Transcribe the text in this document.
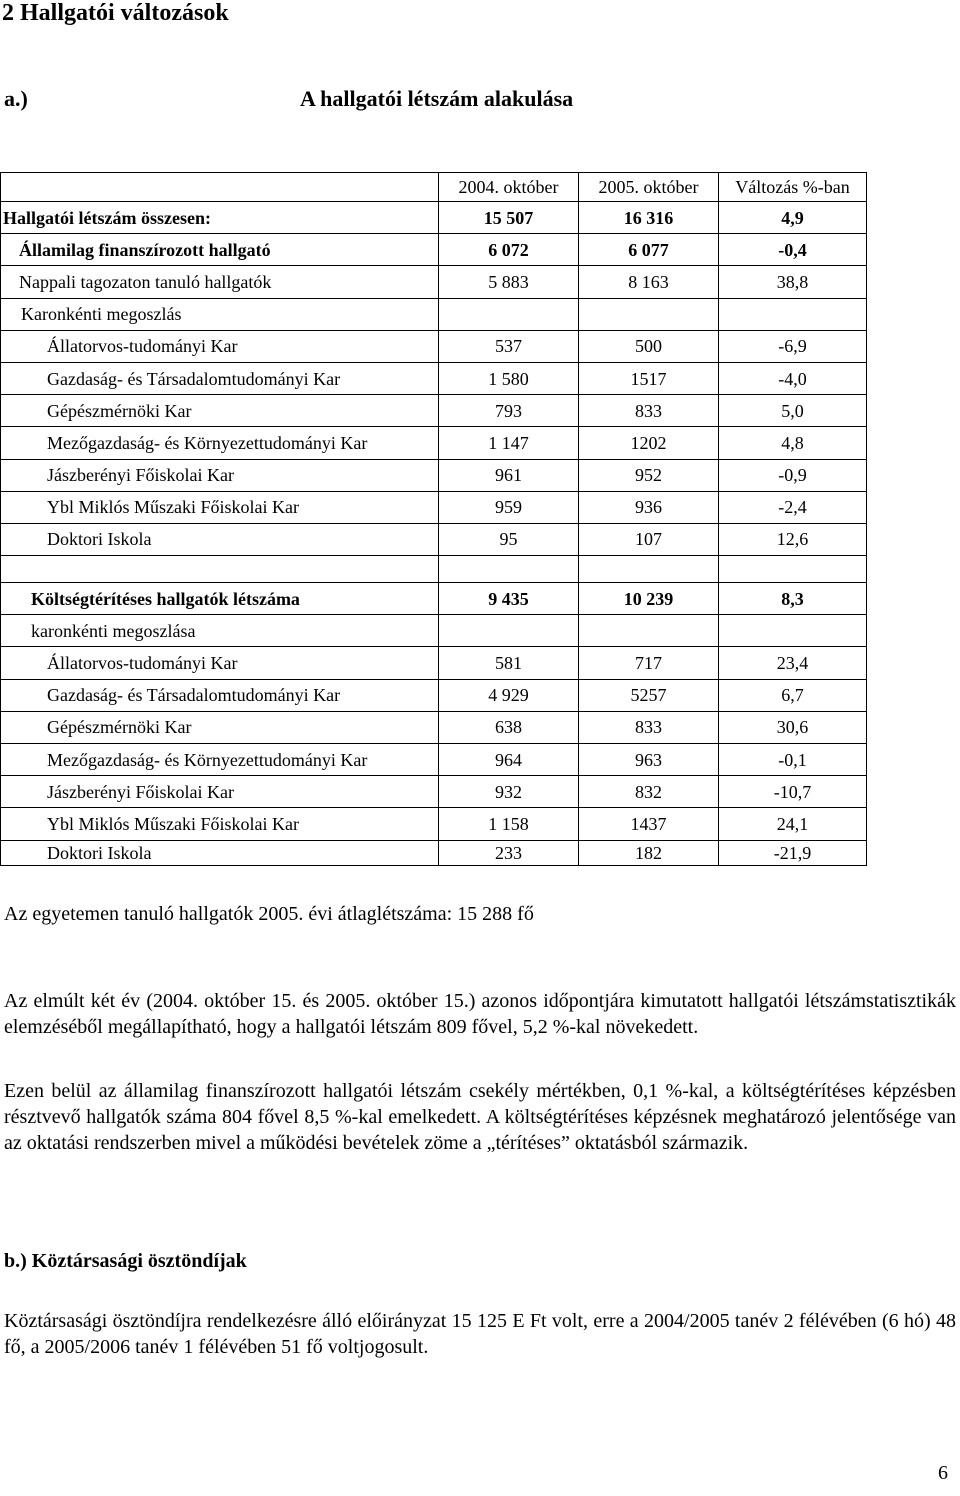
2 Hallgatói változások
a.)	A hallgatói létszám alakulása
	2004. október	2005. október	Változás %-ban
Hallgatói létszám összesen:	15 507	16 316	4,9
Államilag finanszírozott hallgató	6 072	6 077	-0,4
Nappali tagozaton tanuló hallgatók	5 883	8 163	38,8
Karonkénti megoszlás			
Állatorvos-tudományi Kar	537	500	-6,9
Gazdaság- és Társadalomtudományi Kar	1 580	1517	-4,0
Gépészmérnöki Kar	793	833	5,0
Mezőgazdaság- és Környezettudományi Kar	1 147	1202	4,8
Jászberényi Főiskolai Kar	961	952	-0,9
Ybl Miklós Műszaki Főiskolai Kar	959	936	-2,4
Doktori Iskola	95	107	12,6

Költségtérítéses hallgatók létszáma	9 435	10 239	8,3
karonkénti megoszlása			
Állatorvos-tudományi Kar	581	717	23,4
Gazdaság- és Társadalomtudományi Kar	4 929	5257	6,7
Gépészmérnöki Kar	638	833	30,6
Mezőgazdaság- és Környezettudományi Kar	964	963	-0,1
Jászberényi Főiskolai Kar	932	832	-10,7
Ybl Miklós Műszaki Főiskolai Kar	1 158	1437	24,1
Doktori Iskola	233	182	-21,9
Az egyetemen tanuló hallgatók 2005. évi átlaglétszáma: 15 288 fő
Az elmúlt két év (2004. október 15. és 2005. október 15.) azonos időpontjára kimutatott hallgatói létszámstatisztikák elemzéséből megállapítható, hogy a hallgatói létszám 809 fővel, 5,2 %-kal növekedett.
Ezen belül az államilag finanszírozott hallgatói létszám csekély mértékben, 0,1 %-kal, a költségtérítéses képzésben résztvevő hallgatók száma 804 fővel 8,5 %-kal emelkedett. A költségtérítéses képzésnek meghatározó jelentősége van az oktatási rendszerben mivel a működési bevételek zöme a „térítéses” oktatásból származik.
b.) Köztársasági ösztöndíjak
Köztársasági ösztöndíjra rendelkezésre álló előirányzat 15 125 E Ft volt, erre a 2004/2005 tanév 2 félévében (6 hó) 48 fő, a 2005/2006 tanév 1 félévében 51 fő voltjogosult.
6
